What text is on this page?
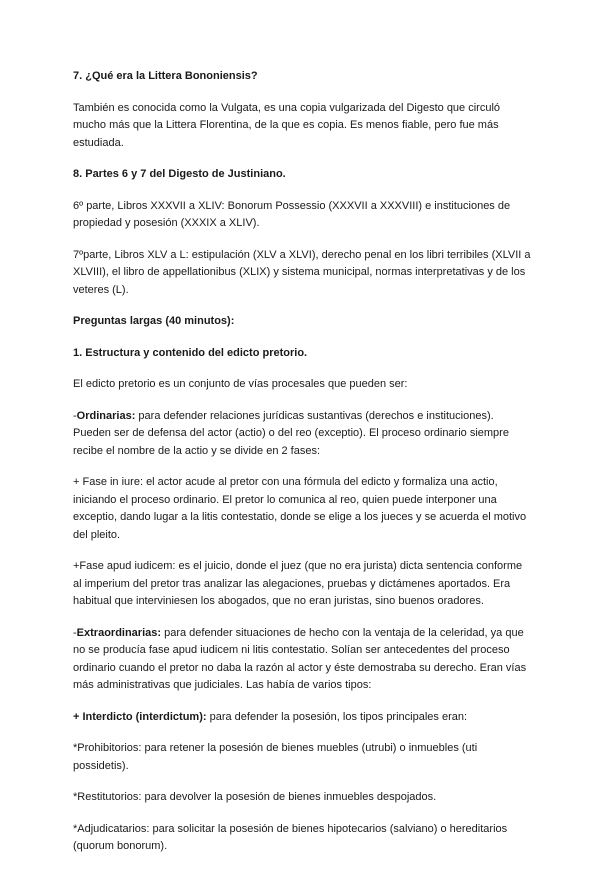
7. ¿Qué era la Littera Bononiensis?

También es conocida como la Vulgata, es una copia vulgarizada del Digesto que circuló mucho más que la Littera Florentina, de la que es copia. Es menos fiable, pero fue más estudiada.

8. Partes 6 y 7 del Digesto de Justiniano.

6º parte, Libros XXXVII a XLIV: Bonorum Possessio (XXXVII a XXXVIII) e instituciones de propiedad y posesión (XXXIX a XLIV).

7ºparte, Libros XLV a L: estipulación (XLV a XLVI), derecho penal en los libri terribiles (XLVII a XLVIII), el libro de appellationibus (XLIX) y sistema municipal, normas interpretativas y de los veteres (L).

Preguntas largas (40 minutos):

1. Estructura y contenido del edicto pretorio.

El edicto pretorio es un conjunto de vías procesales que pueden ser:

-Ordinarias: para defender relaciones jurídicas sustantivas (derechos e instituciones). Pueden ser de defensa del actor (actio) o del reo (exceptio). El proceso ordinario siempre recibe el nombre de la actio y se divide en 2 fases:

+ Fase in iure: el actor acude al pretor con una fórmula del edicto y formaliza una actio, iniciando el proceso ordinario. El pretor lo comunica al reo, quien puede interponer una exceptio, dando lugar a la litis contestatio, donde se elige a los jueces y se acuerda el motivo del pleito.

+Fase apud iudicem: es el juicio, donde el juez (que no era jurista) dicta sentencia conforme al imperium del pretor tras analizar las alegaciones, pruebas y dictámenes aportados. Era habitual que interviniesen los abogados, que no eran juristas, sino buenos oradores.

-Extraordinarias: para defender situaciones de hecho con la ventaja de la celeridad, ya que no se producía fase apud iudicem ni litis contestatio. Solían ser antecedentes del proceso ordinario cuando el pretor no daba la razón al actor y éste demostraba su derecho. Eran vías más administrativas que judiciales. Las había de varios tipos:

+ Interdicto (interdictum): para defender la posesión, los tipos principales eran:

*Prohibitorios: para retener la posesión de bienes muebles (utrubi) o inmuebles (uti possidetis).

*Restitutorios: para devolver la posesión de bienes inmuebles despojados.

*Adjudicatarios: para solicitar la posesión de bienes hipotecarios (salviano) o hereditarios (quorum bonorum).
